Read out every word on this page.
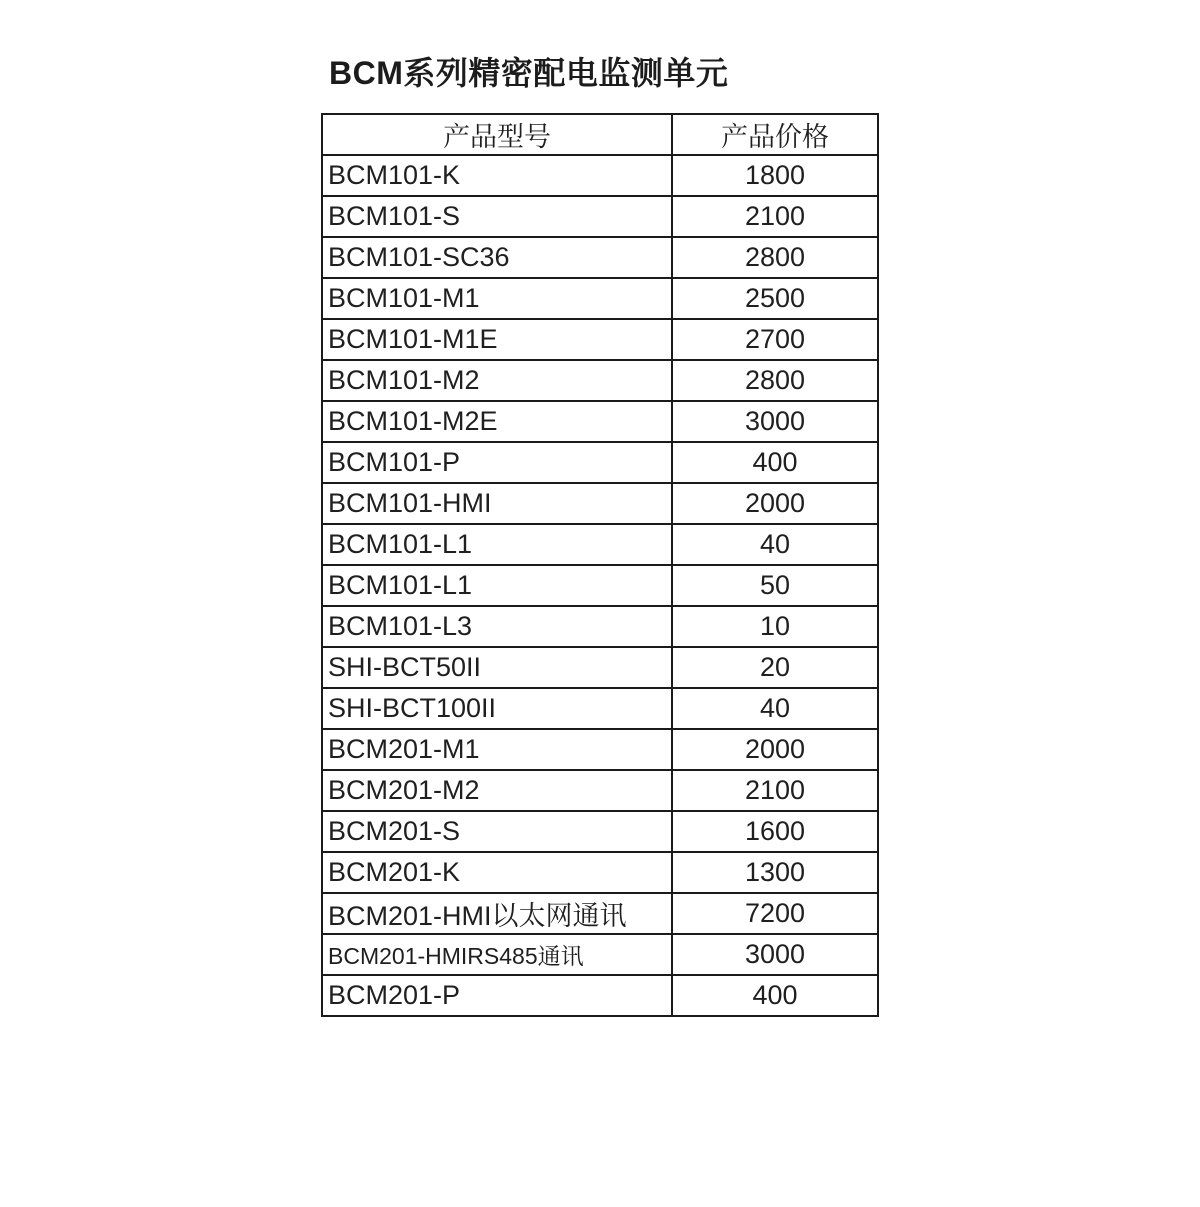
BCM系列精密配电监测单元
产品型号	产品价格
BCM101-K	1800
BCM101-S	2100
BCM101-SC36	2800
BCM101-M1	2500
BCM101-M1E	2700
BCM101-M2	2800
BCM101-M2E	3000
BCM101-P	400
BCM101-HMI	2000
BCM101-L1	40
BCM101-L1	50
BCM101-L3	10
SHI-BCT50II	20
SHI-BCT100II	40
BCM201-M1	2000
BCM201-M2	2100
BCM201-S	1600
BCM201-K	1300
BCM201-HMI以太网通讯	7200
BCM201-HMIRS485通讯	3000
BCM201-P	400
